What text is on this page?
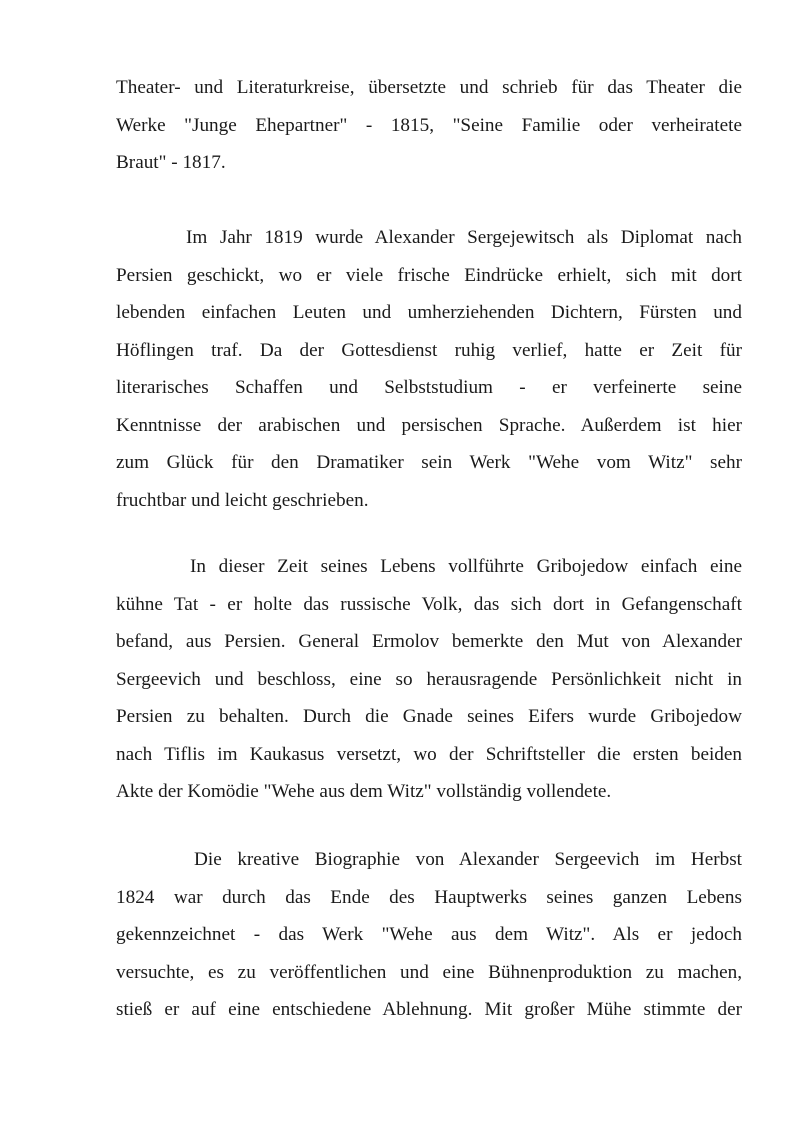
Theater- und Literaturkreise, übersetzte und schrieb für das Theater die
Werke "Junge Ehepartner" - 1815, "Seine Familie oder verheiratete
Braut" - 1817.
Im Jahr 1819 wurde Alexander Sergejewitsch als Diplomat nach
Persien geschickt, wo er viele frische Eindrücke erhielt, sich mit dort
lebenden einfachen Leuten und umherziehenden Dichtern, Fürsten und
Höflingen traf. Da der Gottesdienst ruhig verlief, hatte er Zeit für
literarisches Schaffen und Selbststudium - er verfeinerte seine
Kenntnisse der arabischen und persischen Sprache. Außerdem ist hier
zum Glück für den Dramatiker sein Werk "Wehe vom Witz" sehr
fruchtbar und leicht geschrieben.
In dieser Zeit seines Lebens vollführte Gribojedow einfach eine
kühne Tat - er holte das russische Volk, das sich dort in Gefangenschaft
befand, aus Persien. General Ermolov bemerkte den Mut von Alexander
Sergeevich und beschloss, eine so herausragende Persönlichkeit nicht in
Persien zu behalten. Durch die Gnade seines Eifers wurde Gribojedow
nach Tiflis im Kaukasus versetzt, wo der Schriftsteller die ersten beiden
Akte der Komödie "Wehe aus dem Witz" vollständig vollendete.
Die kreative Biographie von Alexander Sergeevich im Herbst
1824 war durch das Ende des Hauptwerks seines ganzen Lebens
gekennzeichnet - das Werk "Wehe aus dem Witz". Als er jedoch
versuchte, es zu veröffentlichen und eine Bühnenproduktion zu machen,
stieß er auf eine entschiedene Ablehnung. Mit großer Mühe stimmte der
